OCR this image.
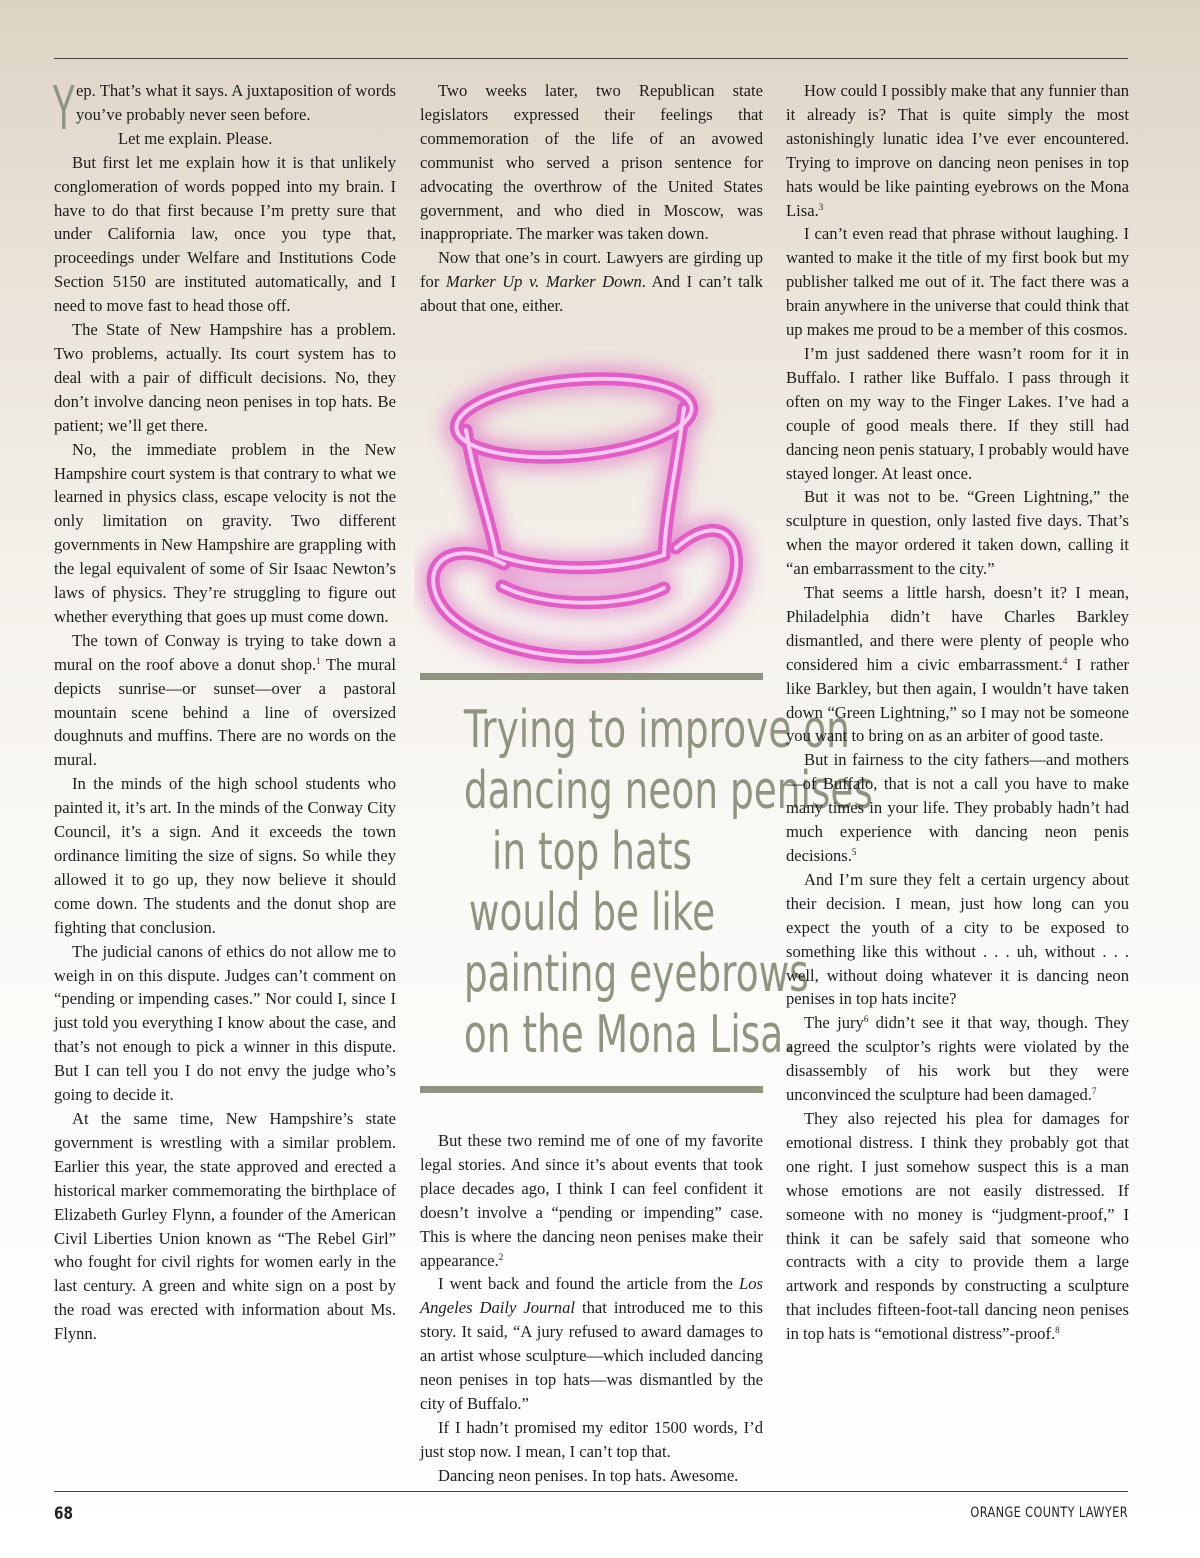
Yep. That’s what it says. A juxtaposition of words you’ve probably never seen before.

Let me explain. Please.

But first let me explain how it is that unlikely conglomeration of words popped into my brain. I have to do that first because I’m pretty sure that under California law, once you type that, proceedings under Welfare and Institutions Code Section 5150 are instituted automatically, and I need to move fast to head those off.

The State of New Hampshire has a problem. Two problems, actually. Its court system has to deal with a pair of difficult decisions. No, they don’t involve dancing neon penises in top hats. Be patient; we’ll get there.

No, the immediate problem in the New Hampshire court system is that contrary to what we learned in physics class, escape velocity is not the only limitation on gravity. Two different governments in New Hampshire are grappling with the legal equivalent of some of Sir Isaac Newton’s laws of physics. They’re struggling to figure out whether everything that goes up must come down.

The town of Conway is trying to take down a mural on the roof above a donut shop.$^1$ The mural depicts sunrise—or sunset—over a pastoral mountain scene behind a line of oversized doughnuts and muffins. There are no words on the mural.

In the minds of the high school students who painted it, it’s art. In the minds of the Conway City Council, it’s a sign. And it exceeds the town ordinance limiting the size of signs. So while they allowed it to go up, they now believe it should come down. The students and the donut shop are fighting that conclusion.

The judicial canons of ethics do not allow me to weigh in on this dispute. Judges can’t comment on “pending or impending cases.” Nor could I, since I just told you everything I know about the case, and that’s not enough to pick a winner in this dispute. But I can tell you I do not envy the judge who’s going to decide it.

At the same time, New Hampshire’s state government is wrestling with a similar problem. Earlier this year, the state approved and erected a historical marker commemorating the birthplace of Elizabeth Gurley Flynn, a founder of the American Civil Liberties Union known as “The Rebel Girl” who fought for civil rights for women early in the last century. A green and white sign on a post by the road was erected with information about Ms. Flynn.

Two weeks later, two Republican state legislators expressed their feelings that commemoration of the life of an avowed communist who served a prison sentence for advocating the overthrow of the United States government, and who died in Moscow, was inappropriate. The marker was taken down.

Now that one’s in court. Lawyers are girding up for Marker Up v. Marker Down. And I can’t talk about that one, either.

Trying to improve on
dancing neon penises
in top hats
would be like
painting eyebrows
on the Mona Lisa.

But these two remind me of one of my favorite legal stories. And since it’s about events that took place decades ago, I think I can feel confident it doesn’t involve a “pending or impending” case. This is where the dancing neon penises make their appearance.$^2$

I went back and found the article from the Los Angeles Daily Journal that introduced me to this story. It said, “A jury refused to award damages to an artist whose sculpture—which included dancing neon penises in top hats—was dismantled by the city of Buffalo.”

If I hadn’t promised my editor 1500 words, I’d just stop now. I mean, I can’t top that.

Dancing neon penises. In top hats. Awesome.

How could I possibly make that any funnier than it already is? That is quite simply the most astonishingly lunatic idea I’ve ever encountered. Trying to improve on dancing neon penises in top hats would be like painting eyebrows on the Mona Lisa.$^3$

I can’t even read that phrase without laughing. I wanted to make it the title of my first book but my publisher talked me out of it. The fact there was a brain anywhere in the universe that could think that up makes me proud to be a member of this cosmos.

I’m just saddened there wasn’t room for it in Buffalo. I rather like Buffalo. I pass through it often on my way to the Finger Lakes. I’ve had a couple of good meals there. If they still had dancing neon penis statuary, I probably would have stayed longer. At least once.

But it was not to be. “Green Lightning,” the sculpture in question, only lasted five days. That’s when the mayor ordered it taken down, calling it “an embarrassment to the city.”

That seems a little harsh, doesn’t it? I mean, Philadelphia didn’t have Charles Barkley dismantled, and there were plenty of people who considered him a civic embarrassment.$^4$ I rather like Barkley, but then again, I wouldn’t have taken down “Green Lightning,” so I may not be someone you want to bring on as an arbiter of good taste.

But in fairness to the city fathers—and mothers—of Buffalo, that is not a call you have to make many times in your life. They probably hadn’t had much experience with dancing neon penis decisions.$^5$

And I’m sure they felt a certain urgency about their decision. I mean, just how long can you expect the youth of a city to be exposed to something like this without . . . uh, without . . . well, without doing whatever it is dancing neon penises in top hats incite?

The jury$^6$ didn’t see it that way, though. They agreed the sculptor’s rights were violated by the disassembly of his work but they were unconvinced the sculpture had been damaged.$^7$

They also rejected his plea for damages for emotional distress. I think they probably got that one right. I just somehow suspect this is a man whose emotions are not easily distressed. If someone with no money is “judgment-proof,” I think it can be safely said that someone who contracts with a city to provide them a large artwork and responds by constructing a sculpture that includes fifteen-foot-tall dancing neon penises in top hats is “emotional distress”-proof.$^8$

68	ORANGE COUNTY LAWYER
